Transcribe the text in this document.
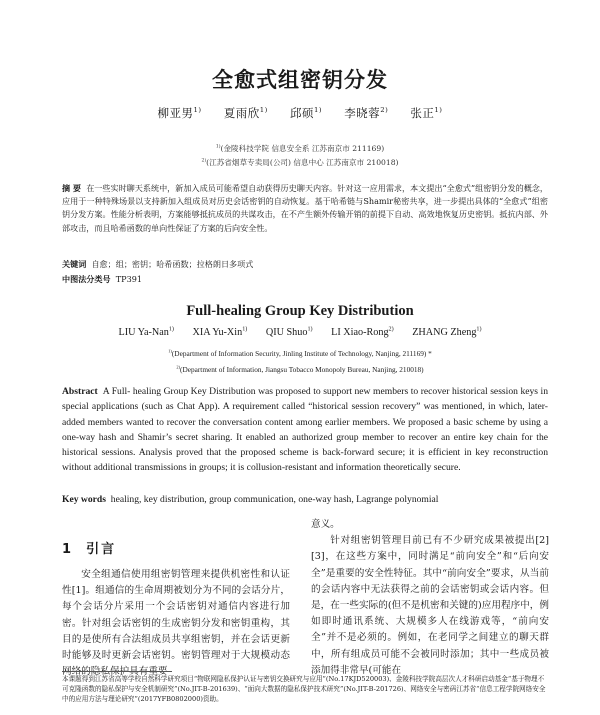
全愈式组密钥分发
柳亚男$^{1)}$ 夏雨欣$^{1)}$ 邱硕$^{1)}$ 李晓蓉$^{2)}$ 张正$^{1)}$
$^{1)}$(金陵科技学院 信息安全系 江苏南京市 211169)
$^{2)}$(江苏省烟草专卖局(公司) 信息中心 江苏南京市 210018)
摘 要 在一些实时聊天系统中，新加入成员可能希望自动获得历史聊天内容。针对这一应用需求，本文提出“全愈式”组密钥分发的概念，应用于一种特殊场景以支持新加入组成员对历史会话密钥的自动恢复。基于哈希链与Shamir秘密共享，进一步提出具体的“全愈式”组密钥分发方案。性能分析表明，方案能够抵抗成员的共谋攻击，在不产生额外传输开销的前提下自动、高效地恢复历史密钥。抵抗内部、外部攻击，而且哈希函数的单向性保证了方案的后向安全性。
关键词 自愈；组；密钥；哈希函数；拉格朗日多项式
中图法分类号 TP391
Full-healing Group Key Distribution
LIU Ya-Nan$^{1)}$ XIA Yu-Xin$^{1)}$ QIU Shuo$^{1)}$ LI Xiao-Rong$^{2)}$ ZHANG Zheng$^{1)}$
$^{1)}$(Department of Information Security, Jinling Institute of Technology, Nanjing, 211169) *
$^{2)}$(Department of Information, Jiangsu Tobacco Monopoly Bureau, Nanjing, 210018)
Abstract A Full- healing Group Key Distribution was proposed to support new members to recover historical session keys in special applications (such as Chat App). A requirement called “historical session recovery” was mentioned, in which, later-added members wanted to recover the conversation content among earlier members. We proposed a basic scheme by using a one-way hash and Shamir’s secret sharing. It enabled an authorized group member to recover an entire key chain for the historical sessions. Analysis proved that the proposed scheme is back-forward secure; it is efficient in key reconstruction without additional transmissions in groups; it is collusion-resistant and information theoretically secure.
Key words healing, key distribution, group communication, one-way hash, Lagrange polynomial
1 引言
安全组通信使用组密钥管理来提供机密性和认证性[1]。组通信的生命周期被划分为不同的会话分片，每个会话分片采用一个会话密钥对通信内容进行加密。针对组会话密钥的生成密钥分发和密钥重构，其目的是使所有合法组成员共享组密钥，并在会话更新时能够及时更新会话密钥。密钥管理对于大规模动态网络的隐私保护具有重要

意义。

针对组密钥管理目前已有不少研究成果被提出[2][3]，在这些方案中，同时满足“前向安全”和“后向安全”是重要的安全性特征。其中“前向安全”要求，从当前的会话内容中无法获得之前的会话密钥或会话内容。但是，在一些实际的(但不是机密和关键的)应用程序中，例如即时通讯系统、大规模多人在线游戏等，“前向安全”并不是必须的。例如，在老同学之间建立的聊天群中，所有组成员可能不会被同时添加；其中一些成员被添加得非常早(可能在

本课题得到江苏省高等学校自然科学研究项目“物联网隐私保护认证与密钥交换研究与应用”(No.17KJD520003)、金陵科技学院高层次人才科研启动基金“基于物理不可克隆函数的隐私保护与安全机制研究”(No.JIT-B-201639)、“面向大数据的隐私保护技术研究”(No.JIT-B-201726)、网络安全与密码江苏省“信息工程学院网络安全中的应用方法与理论研究”(2017YFB0802000)资助。
